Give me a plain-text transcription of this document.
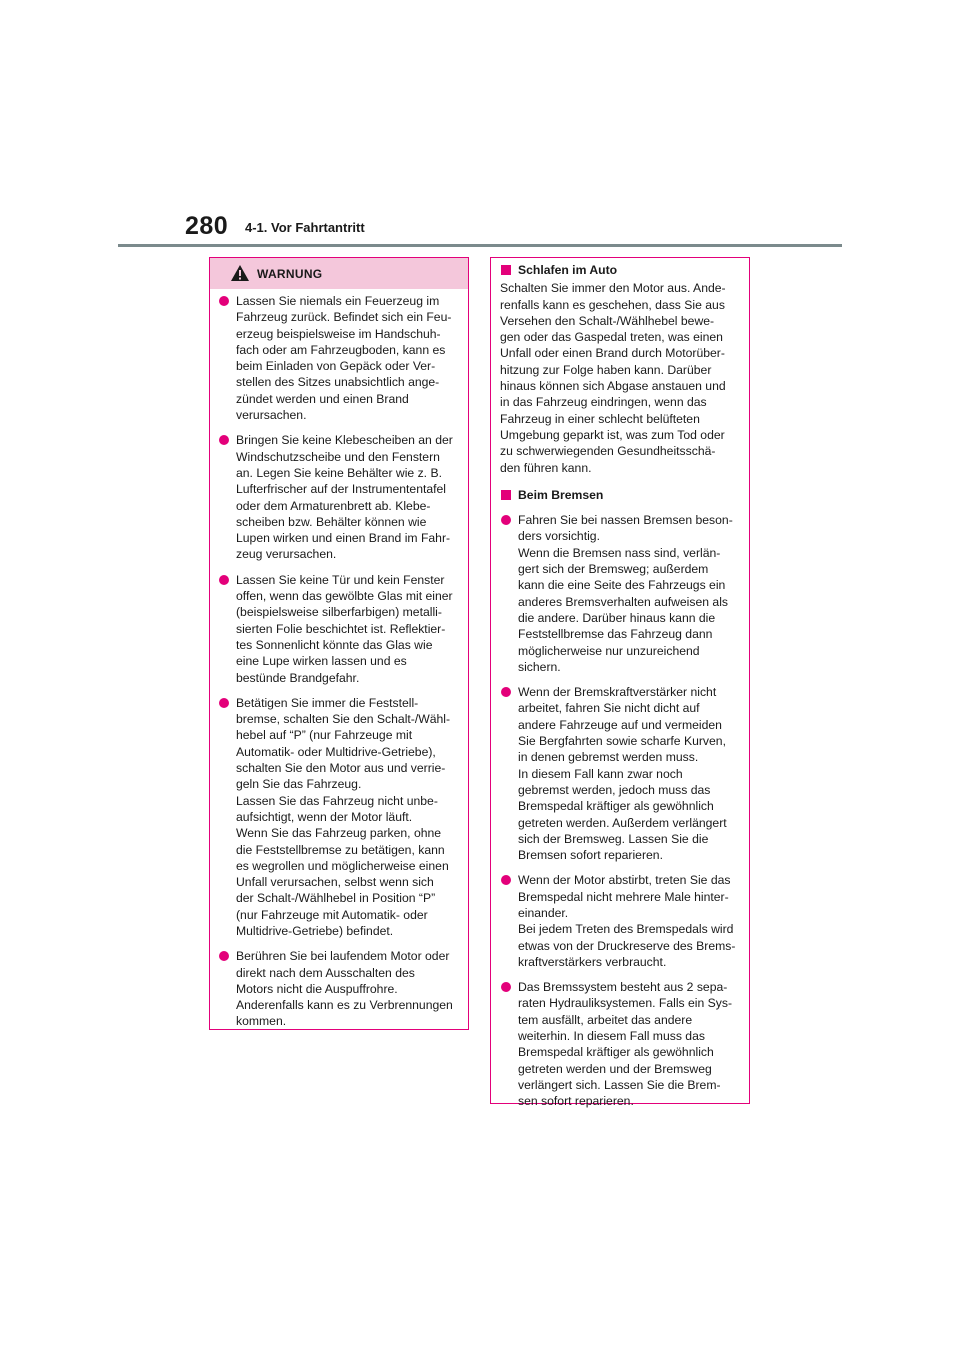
280 4-1. Vor Fahrtantritt
WARNUNG
Lassen Sie niemals ein Feuerzeug im
Fahrzeug zurück. Befindet sich ein Feu-
erzeug beispielsweise im Handschuh-
fach oder am Fahrzeugboden, kann es
beim Einladen von Gepäck oder Ver-
stellen des Sitzes unabsichtlich ange-
zündet werden und einen Brand
verursachen.
Bringen Sie keine Klebescheiben an der
Windschutzscheibe und den Fenstern
an. Legen Sie keine Behälter wie z. B.
Lufterfrischer auf der Instrumententafel
oder dem Armaturenbrett ab. Klebe-
scheiben bzw. Behälter können wie
Lupen wirken und einen Brand im Fahr-
zeug verursachen.
Lassen Sie keine Tür und kein Fenster
offen, wenn das gewölbte Glas mit einer
(beispielsweise silberfarbigen) metalli-
sierten Folie beschichtet ist. Reflektier-
tes Sonnenlicht könnte das Glas wie
eine Lupe wirken lassen und es
bestünde Brandgefahr.
Betätigen Sie immer die Feststell-
bremse, schalten Sie den Schalt-/Wähl-
hebel auf “P” (nur Fahrzeuge mit
Automatik- oder Multidrive-Getriebe),
schalten Sie den Motor aus und verrie-
geln Sie das Fahrzeug.
Lassen Sie das Fahrzeug nicht unbe-
aufsichtigt, wenn der Motor läuft.
Wenn Sie das Fahrzeug parken, ohne
die Feststellbremse zu betätigen, kann
es wegrollen und möglicherweise einen
Unfall verursachen, selbst wenn sich
der Schalt-/Wählhebel in Position “P”
(nur Fahrzeuge mit Automatik- oder
Multidrive-Getriebe) befindet.
Berühren Sie bei laufendem Motor oder
direkt nach dem Ausschalten des
Motors nicht die Auspuffrohre.
Anderenfalls kann es zu Verbrennungen
kommen.
Schlafen im Auto
Schalten Sie immer den Motor aus. Ande-
renfalls kann es geschehen, dass Sie aus
Versehen den Schalt-/Wählhebel bewe-
gen oder das Gaspedal treten, was einen
Unfall oder einen Brand durch Motorüber-
hitzung zur Folge haben kann. Darüber
hinaus können sich Abgase anstauen und
in das Fahrzeug eindringen, wenn das
Fahrzeug in einer schlecht belüfteten
Umgebung geparkt ist, was zum Tod oder
zu schwerwiegenden Gesundheitsschä-
den führen kann.
Beim Bremsen
Fahren Sie bei nassen Bremsen beson-
ders vorsichtig.
Wenn die Bremsen nass sind, verlän-
gert sich der Bremsweg; außerdem
kann die eine Seite des Fahrzeugs ein
anderes Bremsverhalten aufweisen als
die andere. Darüber hinaus kann die
Feststellbremse das Fahrzeug dann
möglicherweise nur unzureichend
sichern.
Wenn der Bremskraftverstärker nicht
arbeitet, fahren Sie nicht dicht auf
andere Fahrzeuge auf und vermeiden
Sie Bergfahrten sowie scharfe Kurven,
in denen gebremst werden muss.
In diesem Fall kann zwar noch
gebremst werden, jedoch muss das
Bremspedal kräftiger als gewöhnlich
getreten werden. Außerdem verlängert
sich der Bremsweg. Lassen Sie die
Bremsen sofort reparieren.
Wenn der Motor abstirbt, treten Sie das
Bremspedal nicht mehrere Male hinter-
einander.
Bei jedem Treten des Bremspedals wird
etwas von der Druckreserve des Brems-
kraftverstärkers verbraucht.
Das Bremssystem besteht aus 2 sepa-
raten Hydrauliksystemen. Falls ein Sys-
tem ausfällt, arbeitet das andere
weiterhin. In diesem Fall muss das
Bremspedal kräftiger als gewöhnlich
getreten werden und der Bremsweg
verlängert sich. Lassen Sie die Brem-
sen sofort reparieren.
